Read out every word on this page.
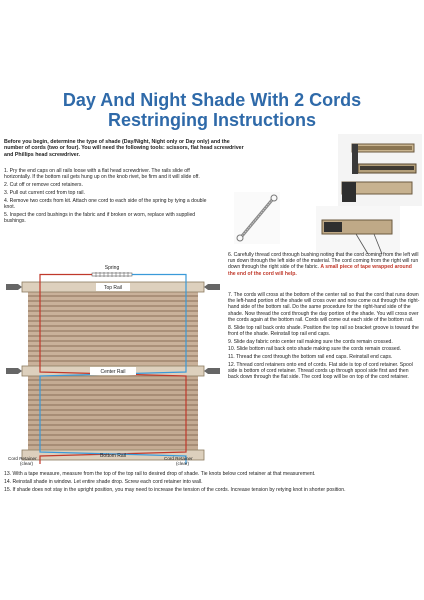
Day And Night Shade With 2 Cords
Restringing Instructions
Before you begin, determine the type of shade (Day/Night, Night only or Day only) and the number of cords (two or four). You will need the following tools: scissors, flat head screwdriver and Phillips head screwdriver.
1. Pry the end caps on all rails loose with a flat head screwdriver. The rails slide off horizontally. If the bottom rail gets hung up on the knob rivet, be firm and it will slide off.
2. Cut off or remove cord retainers.
3. Pull out current cord from top rail.
4. Remove two cords from kit. Attach one cord to each side of the spring by tying a double knot.
5. Inspect the cord bushings in the fabric and if broken or worn, replace with supplied bushings.
6. Carefully thread cord through bushing noting that the cord coming from the left will run down through the left side of the material. The cord coming from the right will run down through the right side of the fabric. A small piece of tape wrapped around the end of the cord will help.
7. The cords will cross at the bottom of the center rail so that the cord that runs down the left-hand portion of the shade will cross over and now come out through the right-hand side of the bottom rail. Do the same procedure for the right-hand side of the shade. Now thread the cord through the day portion of the shade. You will cross over the cords again at the bottom rail. Cords will come out each side of the bottom rail.
8. Slide top rail back onto shade. Position the top rail so bracket groove is toward the front of the shade. Reinstall top rail end caps.
9. Slide day fabric onto center rail making sure the cords remain crossed.
10. Slide bottom rail back onto shade making sure the cords remain crossed.
11. Thread the cord through the bottom rail end caps. Reinstall end caps.
12. Thread cord retainers onto end of cords. Flat side is top of cord retainer. Spool side is bottom of cord retainer. Thread cords up through spool side first and then back down through the flat side. The cord loop will be on top of the cord retainer.
Spring
Top Rail
Center Rail
Bottom Rail
Cord Retainer
(clear)
Cord Retainer
(clear)
13. With a tape measure, measure from the top of the top rail to desired drop of shade. Tie knots below cord retainer at that measurement.
14. Reinstall shade in window. Let entire shade drop. Screw each cord retainer into wall.
15. If shade does not stay in the upright position, you may need to increase the tension of the cords. Increase tension by retying knot in shorter position.
